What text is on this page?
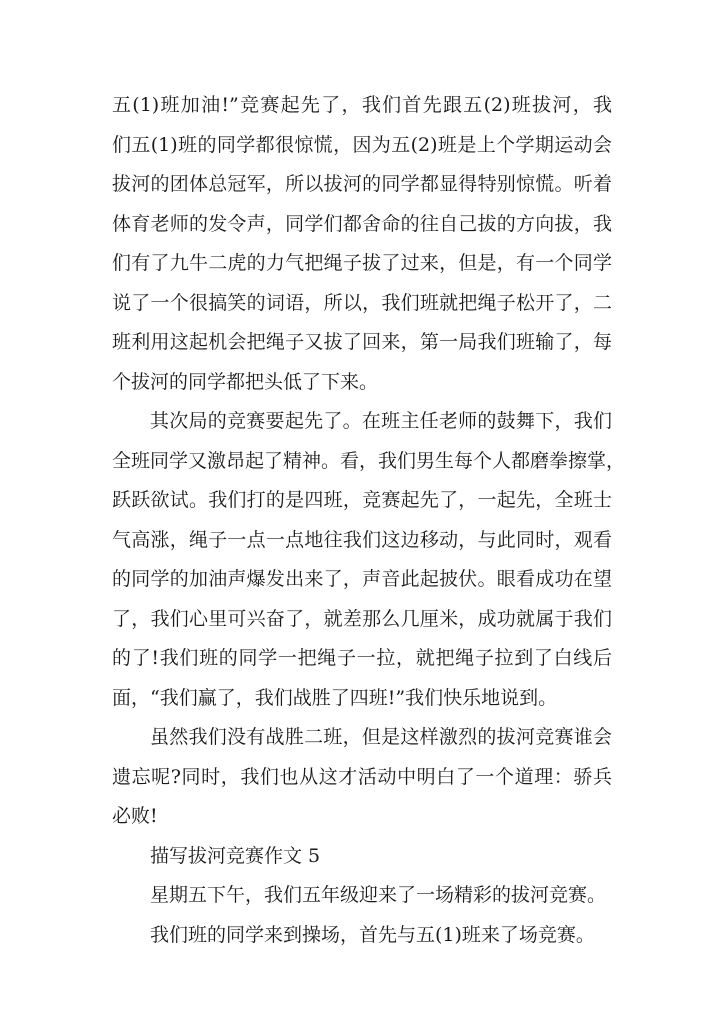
五(1)班加油!”竞赛起先了，我们首先跟五(2)班拔河，我
们五(1)班的同学都很惊慌，因为五(2)班是上个学期运动会
拔河的团体总冠军，所以拔河的同学都显得特别惊慌。听着
体育老师的发令声，同学们都舍命的往自己拔的方向拔，我
们有了九牛二虎的力气把绳子拔了过来，但是，有一个同学
说了一个很搞笑的词语，所以，我们班就把绳子松开了，二
班利用这起机会把绳子又拔了回来，第一局我们班输了，每
个拔河的同学都把头低了下来。
其次局的竞赛要起先了。在班主任老师的鼓舞下，我们
全班同学又激昂起了精神。看，我们男生每个人都磨拳擦掌，
跃跃欲试。我们打的是四班，竞赛起先了，一起先，全班士
气高涨，绳子一点一点地往我们这边移动，与此同时，观看
的同学的加油声爆发出来了，声音此起披伏。眼看成功在望
了，我们心里可兴奋了，就差那么几厘米，成功就属于我们
的了!我们班的同学一把绳子一拉，就把绳子拉到了白线后
面，“我们赢了，我们战胜了四班!”我们快乐地说到。
虽然我们没有战胜二班，但是这样激烈的拔河竞赛谁会
遗忘呢?同时，我们也从这才活动中明白了一个道理：骄兵
必败!
描写拔河竞赛作文 5
星期五下午，我们五年级迎来了一场精彩的拔河竞赛。
我们班的同学来到操场，首先与五(1)班来了场竞赛。
